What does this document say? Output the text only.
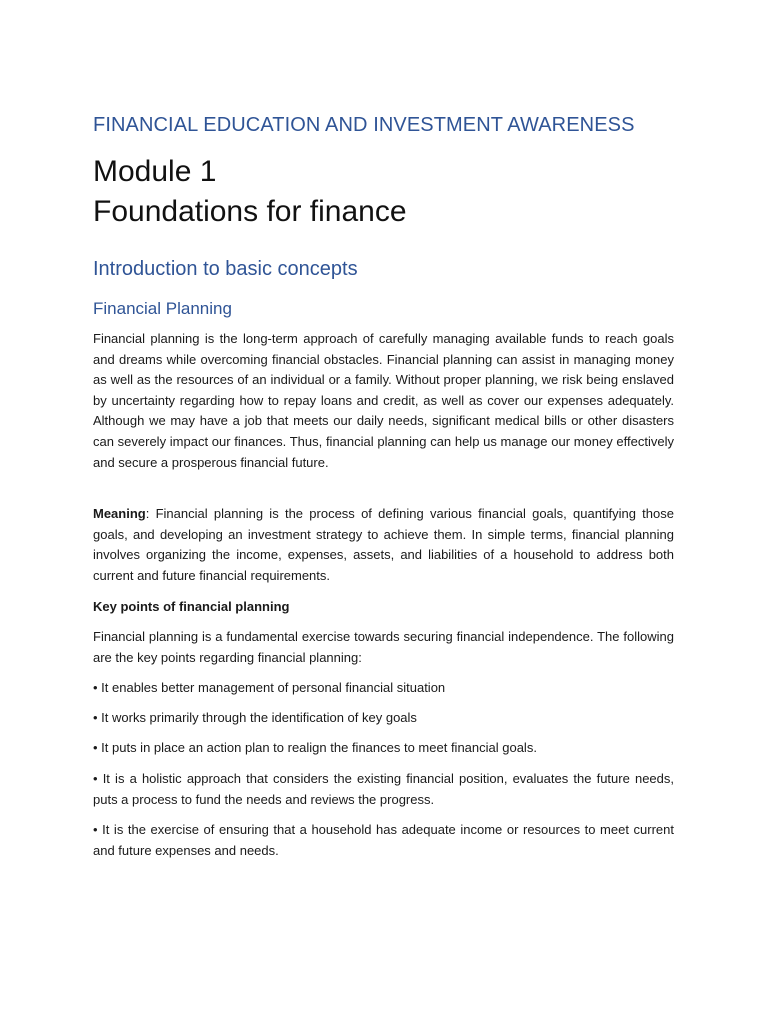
FINANCIAL EDUCATION AND INVESTMENT AWARENESS
Module 1
Foundations for finance
Introduction to basic concepts
Financial Planning

Financial planning is the long-term approach of carefully managing available funds to reach goals and dreams while overcoming financial obstacles. Financial planning can assist in managing money as well as the resources of an individual or a family. Without proper planning, we risk being enslaved by uncertainty regarding how to repay loans and credit, as well as cover our expenses adequately. Although we may have a job that meets our daily needs, significant medical bills or other disasters can severely impact our finances. Thus, financial planning can help us manage our money effectively and secure a prosperous financial future.

Meaning: Financial planning is the process of defining various financial goals, quantifying those goals, and developing an investment strategy to achieve them. In simple terms, financial planning involves organizing the income, expenses, assets, and liabilities of a household to address both current and future financial requirements.

Key points of financial planning

Financial planning is a fundamental exercise towards securing financial independence. The following are the key points regarding financial planning:

• It enables better management of personal financial situation

• It works primarily through the identification of key goals

• It puts in place an action plan to realign the finances to meet financial goals.

• It is a holistic approach that considers the existing financial position, evaluates the future needs, puts a process to fund the needs and reviews the progress.

• It is the exercise of ensuring that a household has adequate income or resources to meet current and future expenses and needs.
